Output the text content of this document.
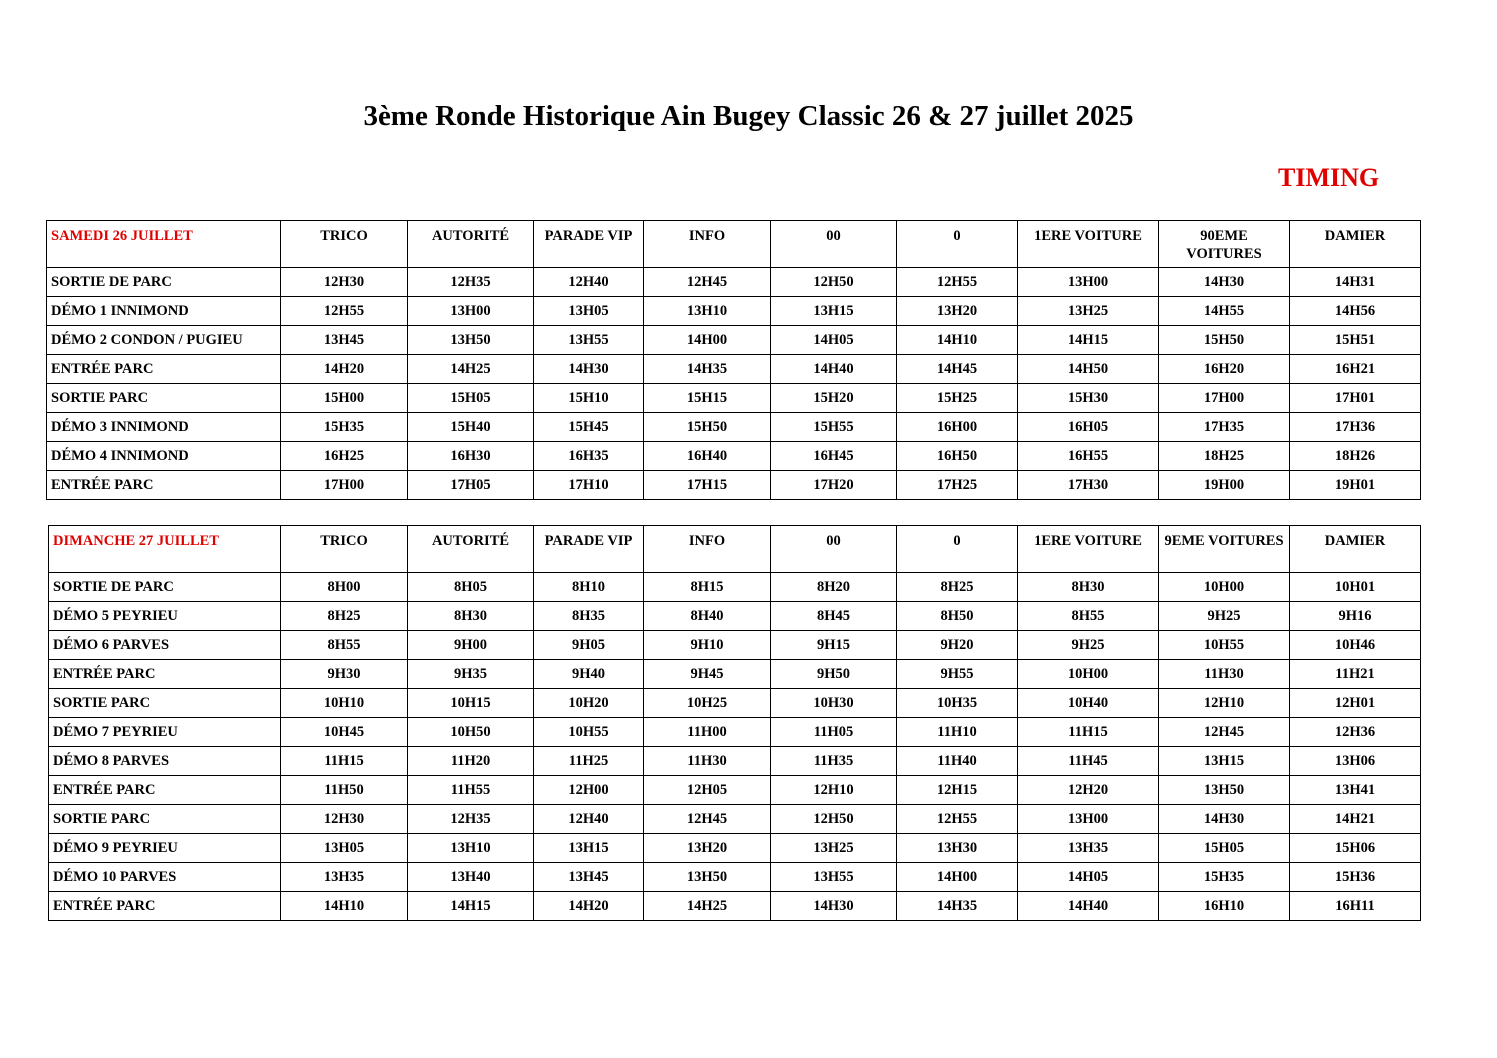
3ème Ronde Historique Ain Bugey Classic 26 & 27 juillet 2025
TIMING
SAMEDI 26 JUILLET	TRICO	AUTORITÉ	PARADE VIP	INFO	00	0	1ERE VOITURE	90EME VOITURES	DAMIER
SORTIE DE PARC	12H30	12H35	12H40	12H45	12H50	12H55	13H00	14H30	14H31
DÉMO 1 INNIMOND	12H55	13H00	13H05	13H10	13H15	13H20	13H25	14H55	14H56
DÉMO 2 CONDON / PUGIEU	13H45	13H50	13H55	14H00	14H05	14H10	14H15	15H50	15H51
ENTRÉE PARC	14H20	14H25	14H30	14H35	14H40	14H45	14H50	16H20	16H21
SORTIE PARC	15H00	15H05	15H10	15H15	15H20	15H25	15H30	17H00	17H01
DÉMO 3 INNIMOND	15H35	15H40	15H45	15H50	15H55	16H00	16H05	17H35	17H36
DÉMO 4 INNIMOND	16H25	16H30	16H35	16H40	16H45	16H50	16H55	18H25	18H26
ENTRÉE PARC	17H00	17H05	17H10	17H15	17H20	17H25	17H30	19H00	19H01
DIMANCHE 27 JUILLET	TRICO	AUTORITÉ	PARADE VIP	INFO	00	0	1ERE VOITURE	9EME VOITURES	DAMIER
SORTIE DE PARC	8H00	8H05	8H10	8H15	8H20	8H25	8H30	10H00	10H01
DÉMO 5 PEYRIEU	8H25	8H30	8H35	8H40	8H45	8H50	8H55	9H25	9H16
DÉMO 6 PARVES	8H55	9H00	9H05	9H10	9H15	9H20	9H25	10H55	10H46
ENTRÉE PARC	9H30	9H35	9H40	9H45	9H50	9H55	10H00	11H30	11H21
SORTIE PARC	10H10	10H15	10H20	10H25	10H30	10H35	10H40	12H10	12H01
DÉMO 7 PEYRIEU	10H45	10H50	10H55	11H00	11H05	11H10	11H15	12H45	12H36
DÉMO 8 PARVES	11H15	11H20	11H25	11H30	11H35	11H40	11H45	13H15	13H06
ENTRÉE PARC	11H50	11H55	12H00	12H05	12H10	12H15	12H20	13H50	13H41
SORTIE PARC	12H30	12H35	12H40	12H45	12H50	12H55	13H00	14H30	14H21
DÉMO 9 PEYRIEU	13H05	13H10	13H15	13H20	13H25	13H30	13H35	15H05	15H06
DÉMO 10 PARVES	13H35	13H40	13H45	13H50	13H55	14H00	14H05	15H35	15H36
ENTRÉE PARC	14H10	14H15	14H20	14H25	14H30	14H35	14H40	16H10	16H11
